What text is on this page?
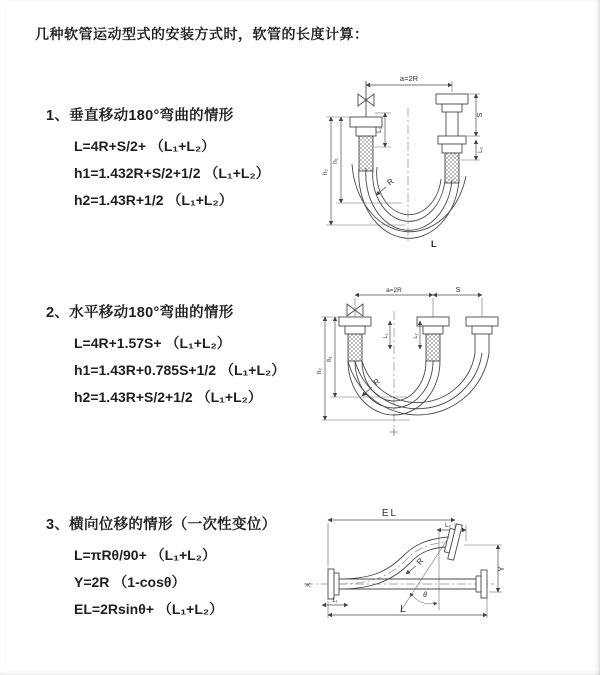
几种软管运动型式的安装方式时，软管的长度计算：

1、垂直移动180°弯曲的情形

L=4R+S/2+ （L₁+L₂）

h1=1.432R+S/2+1/2 （L₁+L₂）

h2=1.43R+1/2 （L₁+L₂）

2、水平移动180°弯曲的情形

L=4R+1.57S+ （L₁+L₂）

h1=1.43R+0.785S+1/2 （L₁+L₂）

h2=1.43R+S/2+1/2 （L₁+L₂）

3、横向位移的情形（一次性变位）

L=πRθ/90+ （L₁+L₂）

Y=2R （1-cosθ）

EL=2Rsinθ+ （L₁+L₂）

a=2R
L₁
S
L₂
h₂
h₁
R
L
a=2R	S
L₁	L₂
h₂
h₁
R
EL
L₂
θ
R
Y
L
L₁
X
